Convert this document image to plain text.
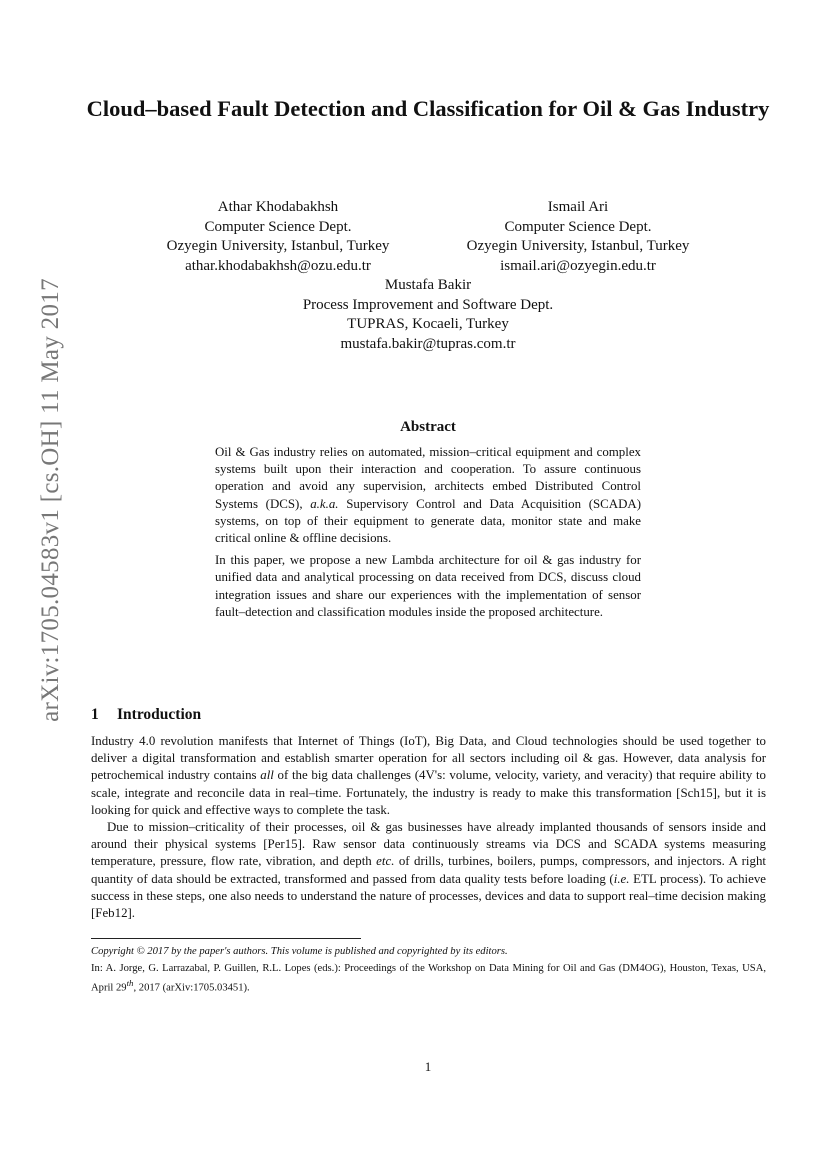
arXiv:1705.04583v1 [cs.OH] 11 May 2017
Cloud–based Fault Detection and Classification for Oil & Gas Industry
Athar Khodabakhsh
Computer Science Dept.
Ozyegin University, Istanbul, Turkey
athar.khodabakhsh@ozu.edu.tr
Ismail Ari
Computer Science Dept.
Ozyegin University, Istanbul, Turkey
ismail.ari@ozyegin.edu.tr
Mustafa Bakir
Process Improvement and Software Dept.
TUPRAS, Kocaeli, Turkey
mustafa.bakir@tupras.com.tr
Abstract

Oil & Gas industry relies on automated, mission–critical equipment and complex systems built upon their interaction and cooperation. To assure continuous operation and avoid any supervision, architects embed Distributed Control Systems (DCS), a.k.a. Supervisory Control and Data Acquisition (SCADA) systems, on top of their equipment to generate data, monitor state and make critical online & offline decisions.

In this paper, we propose a new Lambda architecture for oil & gas industry for unified data and analytical processing on data received from DCS, discuss cloud integration issues and share our experiences with the implementation of sensor fault–detection and classification modules inside the proposed architecture.

1 Introduction

Industry 4.0 revolution manifests that Internet of Things (IoT), Big Data, and Cloud technologies should be used together to deliver a digital transformation and establish smarter operation for all sectors including oil & gas. However, data analysis for petrochemical industry contains all of the big data challenges (4V's: volume, velocity, variety, and veracity) that require ability to scale, integrate and reconcile data in real–time. Fortunately, the industry is ready to make this transformation [Sch15], but it is looking for quick and effective ways to complete the task.

Due to mission–criticality of their processes, oil & gas businesses have already implanted thousands of sensors inside and around their physical systems [Per15]. Raw sensor data continuously streams via DCS and SCADA systems measuring temperature, pressure, flow rate, vibration, and depth etc. of drills, turbines, boilers, pumps, compressors, and injectors. A right quantity of data should be extracted, transformed and passed from data quality tests before loading (i.e. ETL process). To achieve success in these steps, one also needs to understand the nature of processes, devices and data to support real–time decision making [Feb12].

Copyright © 2017 by the paper's authors. This volume is published and copyrighted by its editors.

In: A. Jorge, G. Larrazabal, P. Guillen, R.L. Lopes (eds.): Proceedings of the Workshop on Data Mining for Oil and Gas (DM4OG), Houston, Texas, USA, April 29th, 2017 (arXiv:1705.03451).

1
